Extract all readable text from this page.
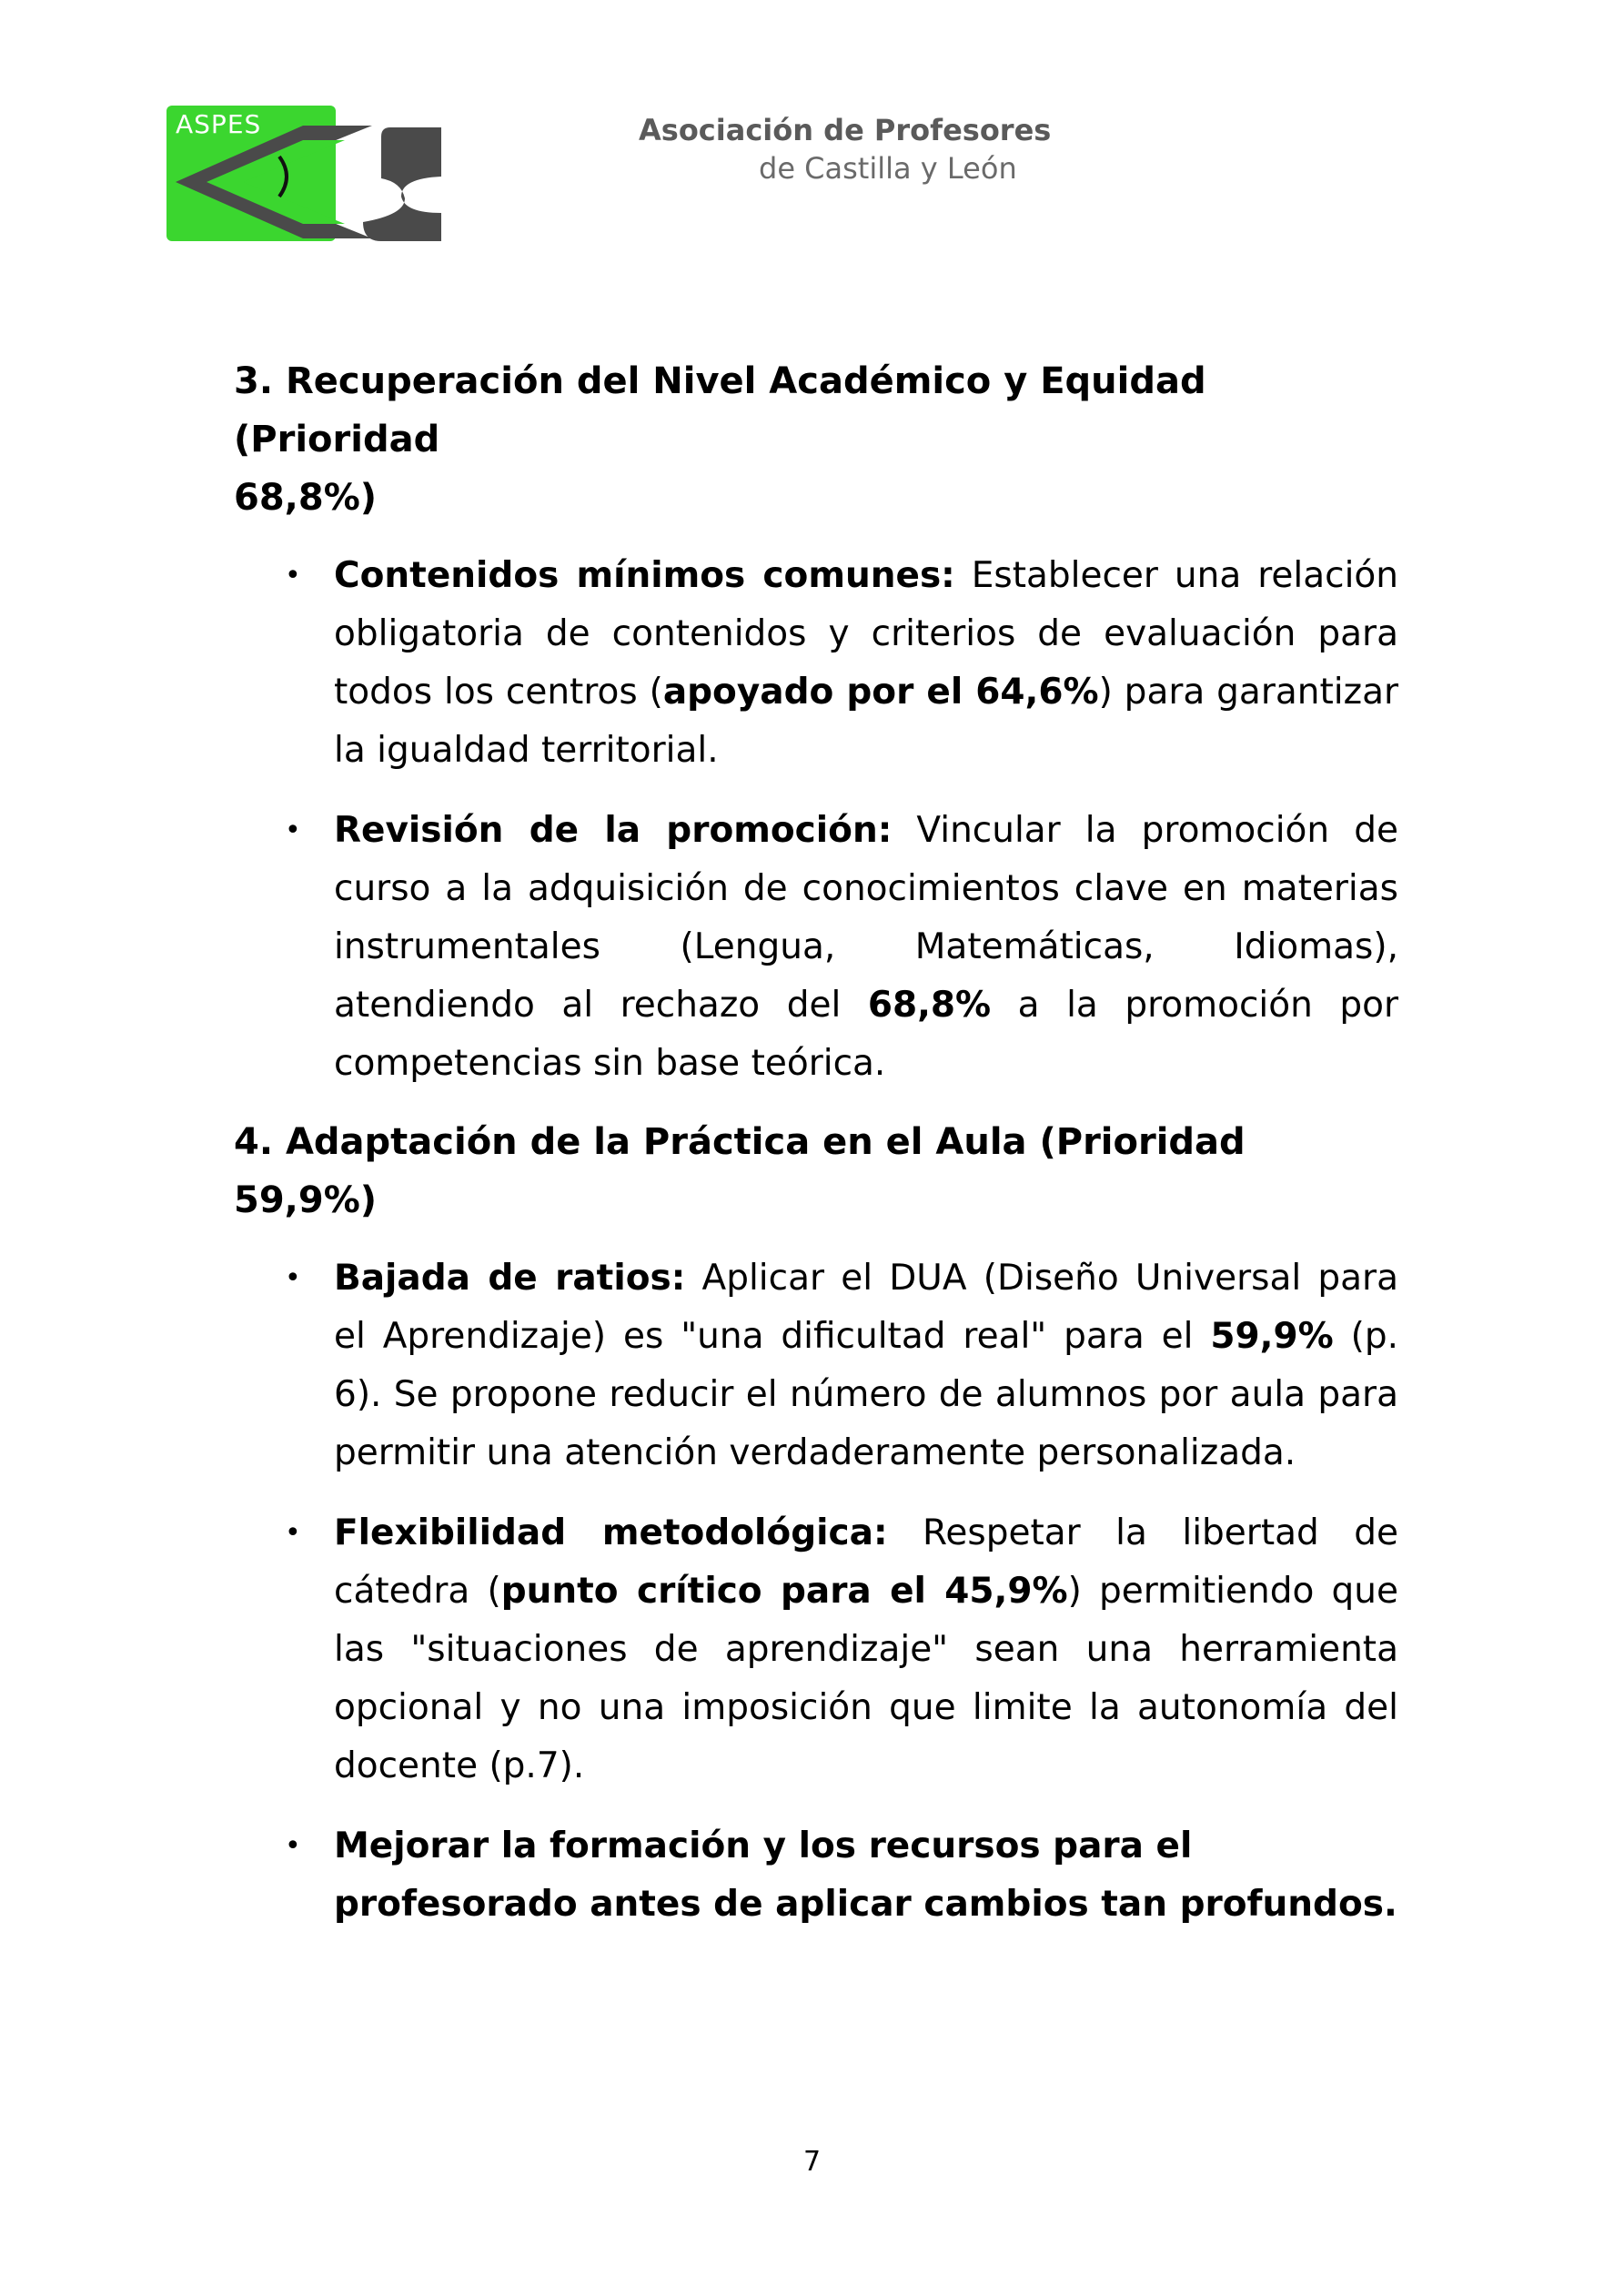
ASPES	Asociación de Profesores
de Castilla y León
3. Recuperación del Nivel Académico y Equidad (Prioridad
68,8%)
• Contenidos mínimos comunes: Establecer una relación obligatoria de contenidos y criterios de evaluación para todos los centros (apoyado por el 64,6%) para garantizar la igualdad territorial.
• Revisión de la promoción: Vincular la promoción de curso a la adquisición de conocimientos clave en materias instrumentales (Lengua, Matemáticas, Idiomas), atendiendo al rechazo del 68,8% a la promoción por competencias sin base teórica.
4. Adaptación de la Práctica en el Aula (Prioridad 59,9%)
• Bajada de ratios: Aplicar el DUA (Diseño Universal para el Aprendizaje) es "una dificultad real" para el 59,9% (p. 6). Se propone reducir el número de alumnos por aula para permitir una atención verdaderamente personalizada.
• Flexibilidad metodológica: Respetar la libertad de cátedra (punto crítico para el 45,9%) permitiendo que las "situaciones de aprendizaje" sean una herramienta opcional y no una imposición que limite la autonomía del docente (p.7).
• Mejorar la formación y los recursos para el profesorado antes de aplicar cambios tan profundos.
7
